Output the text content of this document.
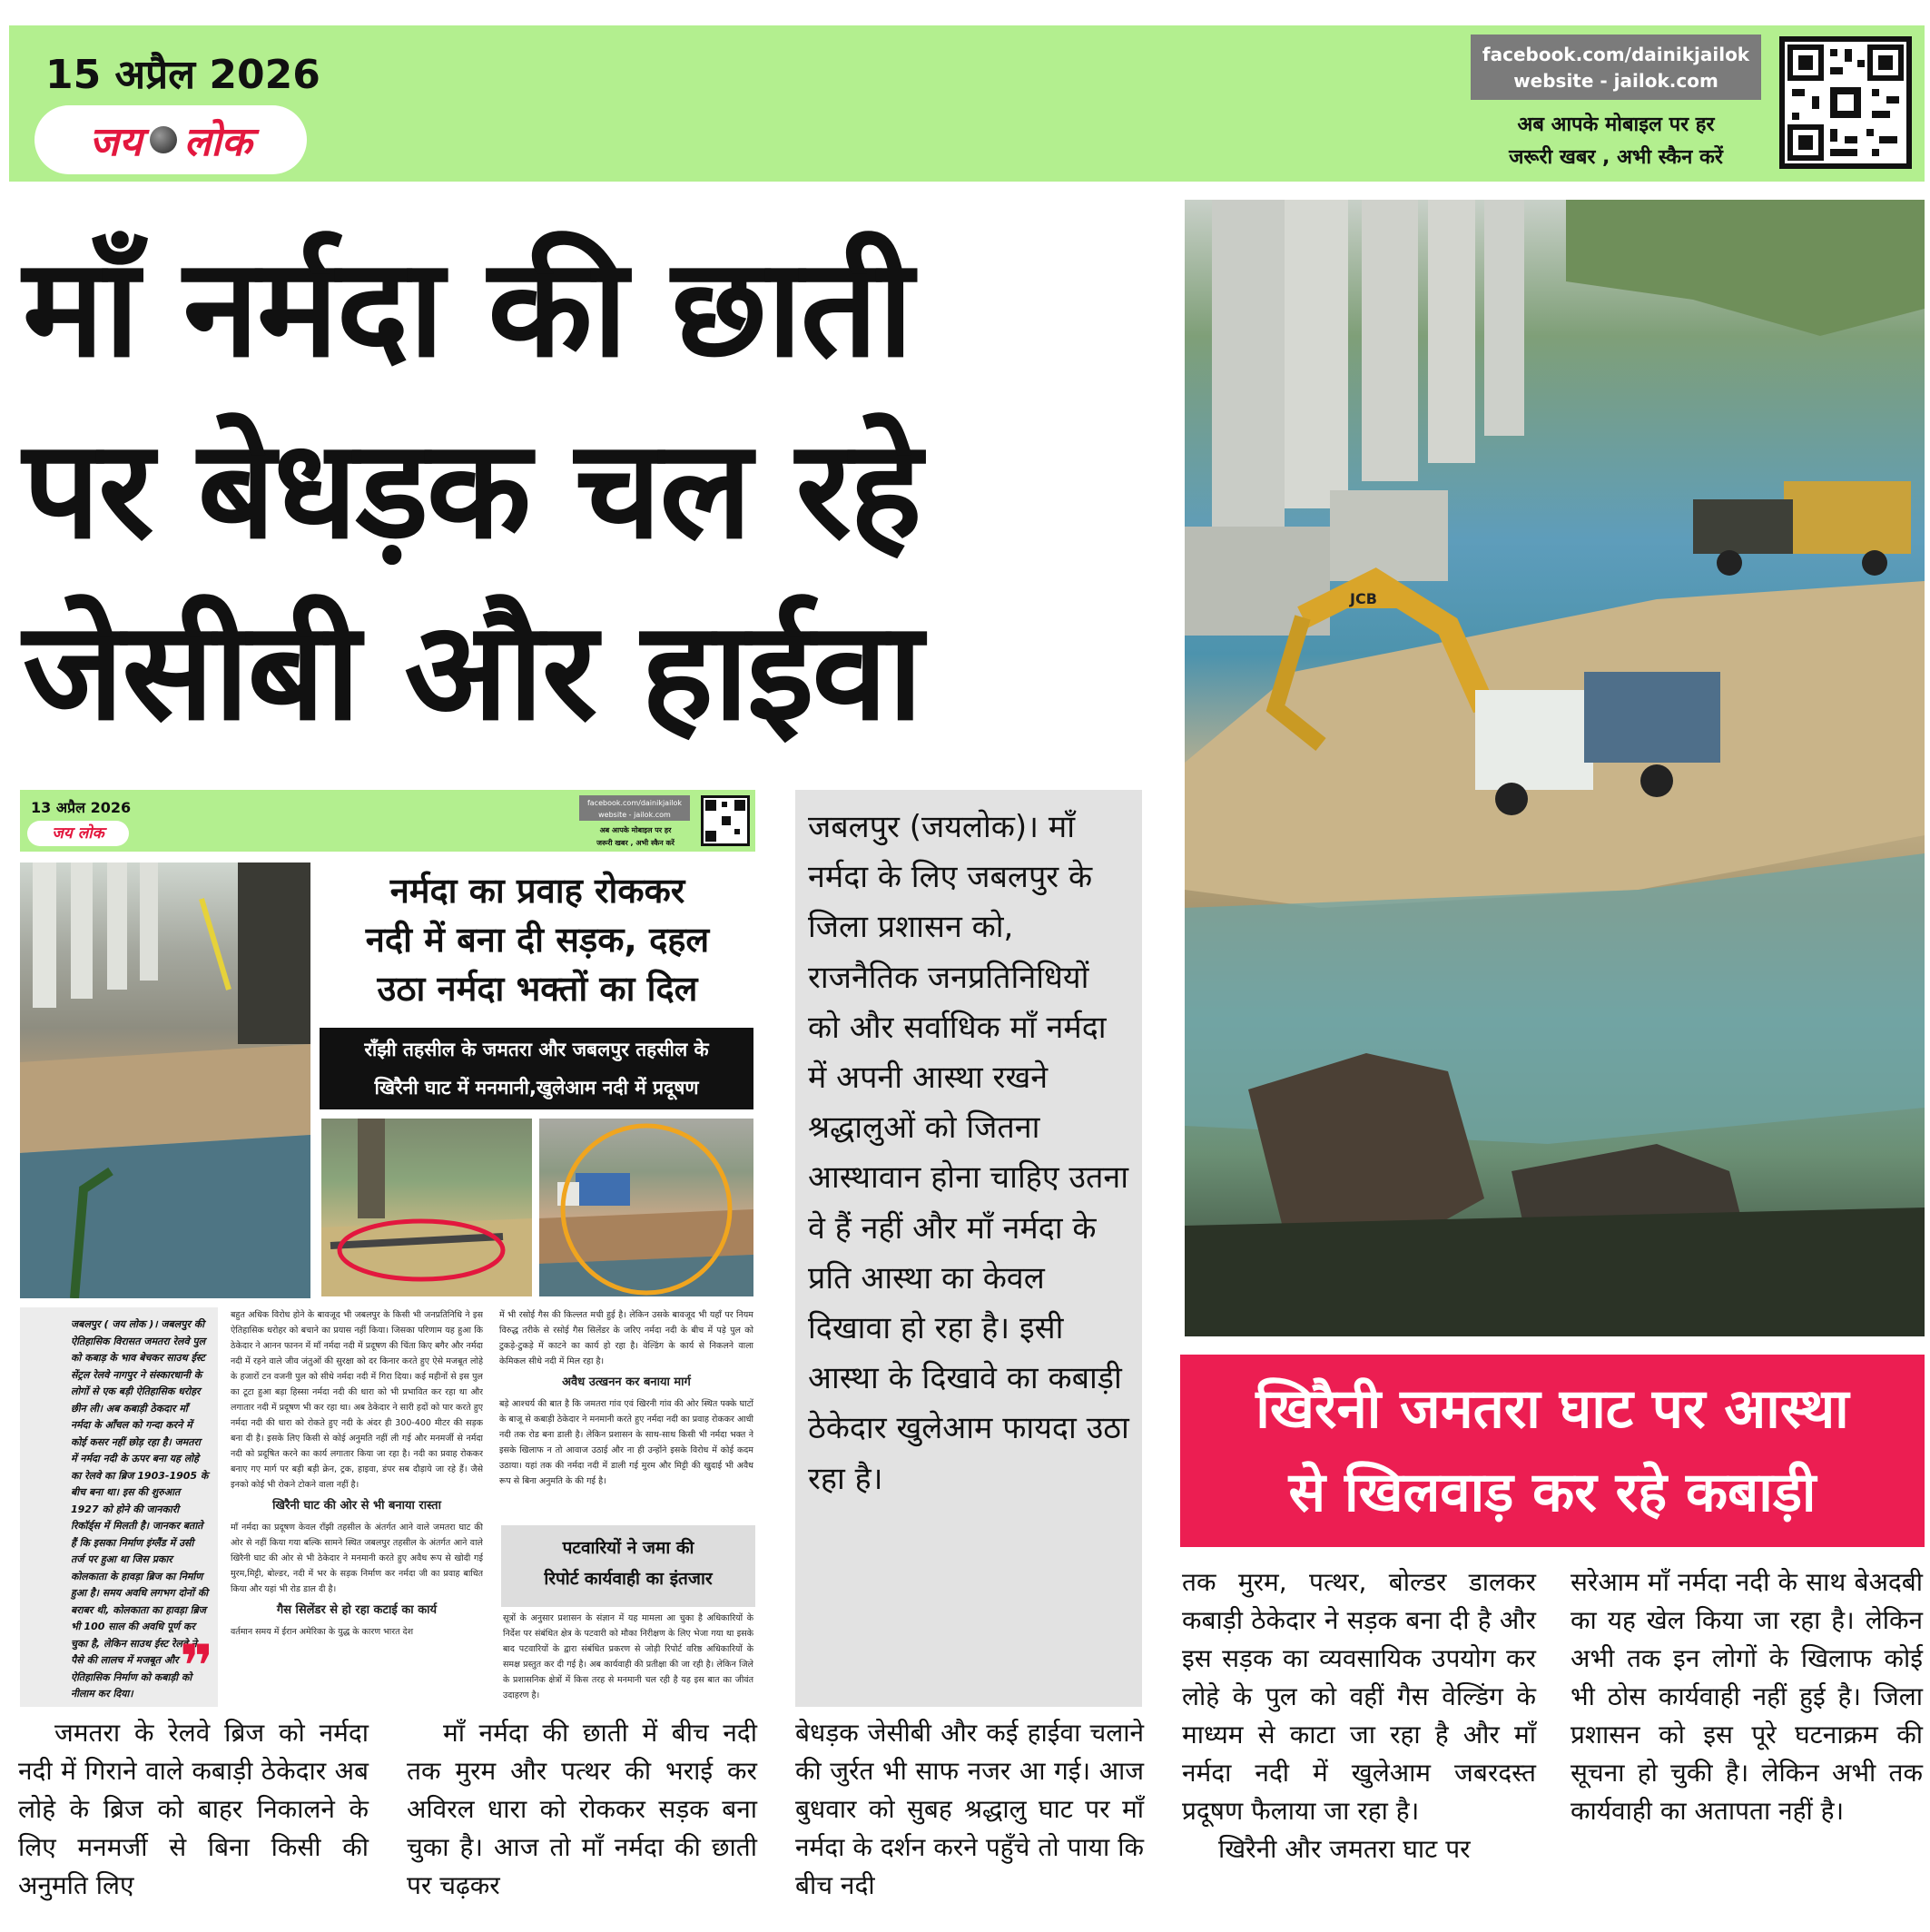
15 अप्रैल 2026
जय लोक
facebook.com/dainikjailok
website - jailok.com
अब आपके मोबाइल पर हर
जरूरी खबर , अभी स्कैन करें
माँ नर्मदा की छाती
पर बेधड़क चल रहे
जेसीबी और हाईवा	JCB
खिरैनी जमतरा घाट पर आस्था
से खिलवाड़ कर रहे कबाड़ी
13 अप्रैल 2026
जय लोक
facebook.com/dainikjailok
website - jailok.com
अब आपके मोबाइल पर हर
जरूरी खबर , अभी स्कैन करें
नर्मदा का प्रवाह रोककर
नदी में बना दी सड़क, दहल
उठा नर्मदा भक्तों का दिल
राँझी तहसील के जमतरा और जबलपुर तहसील के
खिरैनी घाट में मनमानी,खुलेआम नदी में प्रदूषण
जबलपुर ( जय लोक )। जबलपुर की ऐतिहासिक विरासत जमतरा रेलवे पुल को कबाड़ के भाव बेचकर साउथ ईस्ट सेंट्रल रेलवे नागपुर ने संस्कारधानी के लोगों से एक बड़ी ऐतिहासिक धरोहर छीन ली। अब कबाड़ी ठेकदार माँ नर्मदा के आँचल को गन्दा करने में कोई कसर नहीं छोड़ रहा है। जमतरा में नर्मदा नदी के ऊपर बना यह लोहे का रेलवे का ब्रिज 1903-1905 के बीच बना था। इस की शुरुआत 1927 को होने की जानकारी रिकॉर्ड्स में मिलती है। जानकर बताते हैं कि इसका निर्माण इंग्लैंड में उसी तर्ज पर हुआ था जिस प्रकार कोलकाता के हावड़ा ब्रिज का निर्माण हुआ है। समय अवधि लगभग दोनों की बराबर थी, कोलकाता का हावड़ा ब्रिज भी 100 साल की अवधि पूर्ण कर चुका है, लेकिन साउथ ईस्ट रेलवे ने पैसे की लालच में मजबूत और ऐतिहासिक निर्माण को कबाड़ी को नीलाम कर दिया। ❞

बहुत अधिक विरोध होने के बावजूद भी जबलपुर के किसी भी जनप्रतिनिधि ने इस ऐतिहासिक धरोहर को बचाने का प्रयास नहीं किया। जिसका परिणाम यह हुआ कि ठेकेदार ने आनन फानन में माँ नर्मदा नदी में प्रदूषण की चिंता किए बगैर और नर्मदा नदी में रहने वाले जीव जंतुओं की सुरक्षा को दर किनार करते हुए ऐसे मजबूत लोहे के हजारों टन वजनी पुल को सीधे नर्मदा नदी में गिरा दिया। कई महीनों से इस पुल का टूटा हुआ बड़ा हिस्सा नर्मदा नदी की धारा को भी प्रभावित कर रहा था और लगातार नदी में प्रदूषण भी कर रहा था। अब ठेकेदार ने सारी हदों को पार करते हुए नर्मदा नदी की धारा को रोकते हुए नदी के अंदर ही 300-400 मीटर की सड़क बना दी है। इसके लिए किसी से कोई अनुमति नहीं ली गई और मनमर्जी से नर्मदा नदी को प्रदूषित करने का कार्य लगातार किया जा रहा है। नदी का प्रवाह रोककर बनाए गए मार्ग पर बड़ी बड़ी क्रेन, ट्रक, हाइवा, डंपर सब दौड़ाये जा रहे हैं। जैसे इनको कोई भी रोकने टोकने वाला नहीं है।

खिरैनी घाट की ओर से भी बनाया रास्ता

माँ नर्मदा का प्रदूषण केवल राँझी तहसील के अंतर्गत आने वाले जमतरा घाट की ओर से नहीं किया गया बल्कि सामने स्थित जबलपुर तहसील के अंतर्गत आने वाले खिरैनी घाट की ओर से भी ठेकेदार ने मनमानी करते हुए अवैध रूप से खोदी गई मुरम,मिट्टी, बोल्डर, नदी में भर के सड़क निर्माण कर नर्मदा जी का प्रवाह बाधित किया और यहां भी रोड डाल दी है।

गैस सिलेंडर से हो रहा कटाई का कार्य

वर्तमान समय में ईरान अमेरिका के युद्ध के कारण भारत देश

में भी रसोई गैस की किल्लत मची हुई है। लेकिन उसके बावजूद भी यहाँ पर नियम विरुद्ध तरीके से रसोई गैस सिलेंडर के जरिए नर्मदा नदी के बीच में पड़े पुल को टुकड़े-टुकड़े में काटने का कार्य हो रहा है। वेल्डिंग के कार्य से निकलने वाला केमिकल सीधे नदी में मिल रहा है।

अवैध उत्खनन कर बनाया मार्ग

बड़े आश्चर्य की बात है कि जमतरा गांव एवं खिरनी गांव की ओर स्थित पक्के घाटों के बाजू से कबाड़ी ठेकेदार ने मनमानी करते हुए नर्मदा नदी का प्रवाह रोककर आधी नदी तक रोड बना डाली है। लेकिन प्रशासन के साथ-साथ किसी भी नर्मदा भक्त ने इसके खिलाफ न तो आवाज उठाई और ना ही उन्होंने इसके विरोध में कोई कदम उठाया। यहां तक की नर्मदा नदी में डाली गई मुरम और मिट्टी की खुदाई भी अवैध रूप से बिना अनुमति के की गई है।

पटवारियों ने जमा की
रिपोर्ट कार्यवाही का इंतजार

सूत्रों के अनुसार प्रशासन के संज्ञान में यह मामला आ चुका है अधिकारियों के निर्देश पर संबंधित क्षेत्र के पटवारी को मौका निरीक्षण के लिए भेजा गया था इसके बाद पटवारियों के द्वारा संबंधित प्रकरण से जोड़ी रिपोर्ट वरिष्ठ अधिकारियों के समक्ष प्रस्तुत कर दी गई है। अब कार्यवाही की प्रतीक्षा की जा रही है। लेकिन जिले के प्रशासनिक क्षेत्रों में किस तरह से मनमानी चल रही है यह इस बात का जीवंत उदाहरण है।

जबलपुर (जयलोक)। माँ नर्मदा के लिए जबलपुर के जिला प्रशासन को, राजनैतिक जनप्रतिनिधियों को और सर्वाधिक माँ नर्मदा में अपनी आस्था रखने श्रद्धालुओं को जितना आस्थावान होना चाहिए उतना वे हैं नहीं और माँ नर्मदा के प्रति आस्था का केवल दिखावा हो रहा है। इसी आस्था के दिखावे का कबाड़ी ठेकेदार खुलेआम फायदा उठा रहा है।
जमतरा के रेलवे ब्रिज को नर्मदा नदी में गिराने वाले कबाड़ी ठेकेदार अब लोहे के ब्रिज को बाहर निकालने के लिए मनमर्जी से बिना किसी की अनुमति लिए
माँ नर्मदा की छाती में बीच नदी तक मुरम और पत्थर की भराई कर अविरल धारा को रोककर सड़क बना चुका है। आज तो माँ नर्मदा की छाती पर चढ़कर
बेधड़क जेसीबी और कई हाईवा चलाने की जुर्रत भी साफ नजर आ गई। आज बुधवार को सुबह श्रद्धालु घाट पर माँ नर्मदा के दर्शन करने पहुँचे तो पाया कि बीच नदी

तक मुरम, पत्थर, बोल्डर डालकर कबाड़ी ठेकेदार ने सड़क बना दी है और इस सड़क का व्यवसायिक उपयोग कर लोहे के पुल को वहीं गैस वेल्डिंग के माध्यम से काटा जा रहा है और माँ नर्मदा नदी में खुलेआम जबरदस्त प्रदूषण फैलाया जा रहा है।

खिरैनी और जमतरा घाट पर

सरेआम माँ नर्मदा नदी के साथ बेअदबी का यह खेल किया जा रहा है। लेकिन अभी तक इन लोगों के खिलाफ कोई भी ठोस कार्यवाही नहीं हुई है। जिला प्रशासन को इस पूरे घटनाक्रम की सूचना हो चुकी है। लेकिन अभी तक कार्यवाही का अतापता नहीं है।
